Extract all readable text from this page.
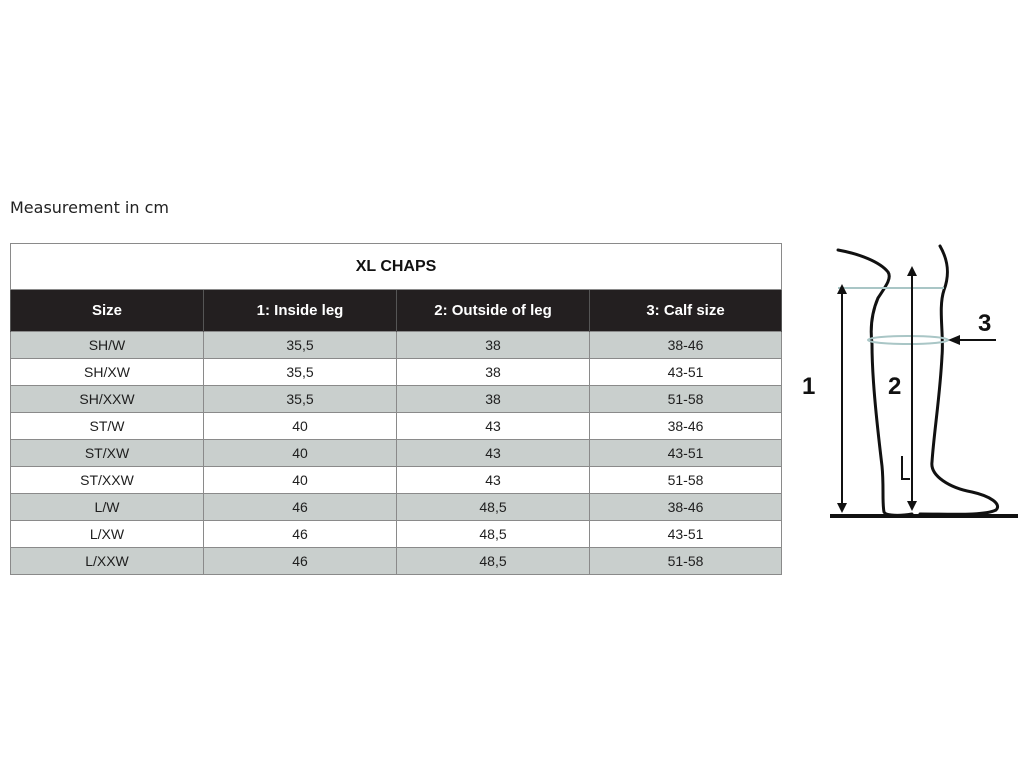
Measurement in cm
XL CHAPS			
Size	1: Inside leg	2: Outside of leg	3: Calf size
SH/W	35,5	38	38-46
SH/XW	35,5	38	43-51
SH/XXW	35,5	38	51-58
ST/W	40	43	38-46
ST/XW	40	43	43-51
ST/XXW	40	43	51-58
L/W	46	48,5	38-46
L/XW	46	48,5	43-51
L/XXW	46	48,5	51-58
1	2
3
